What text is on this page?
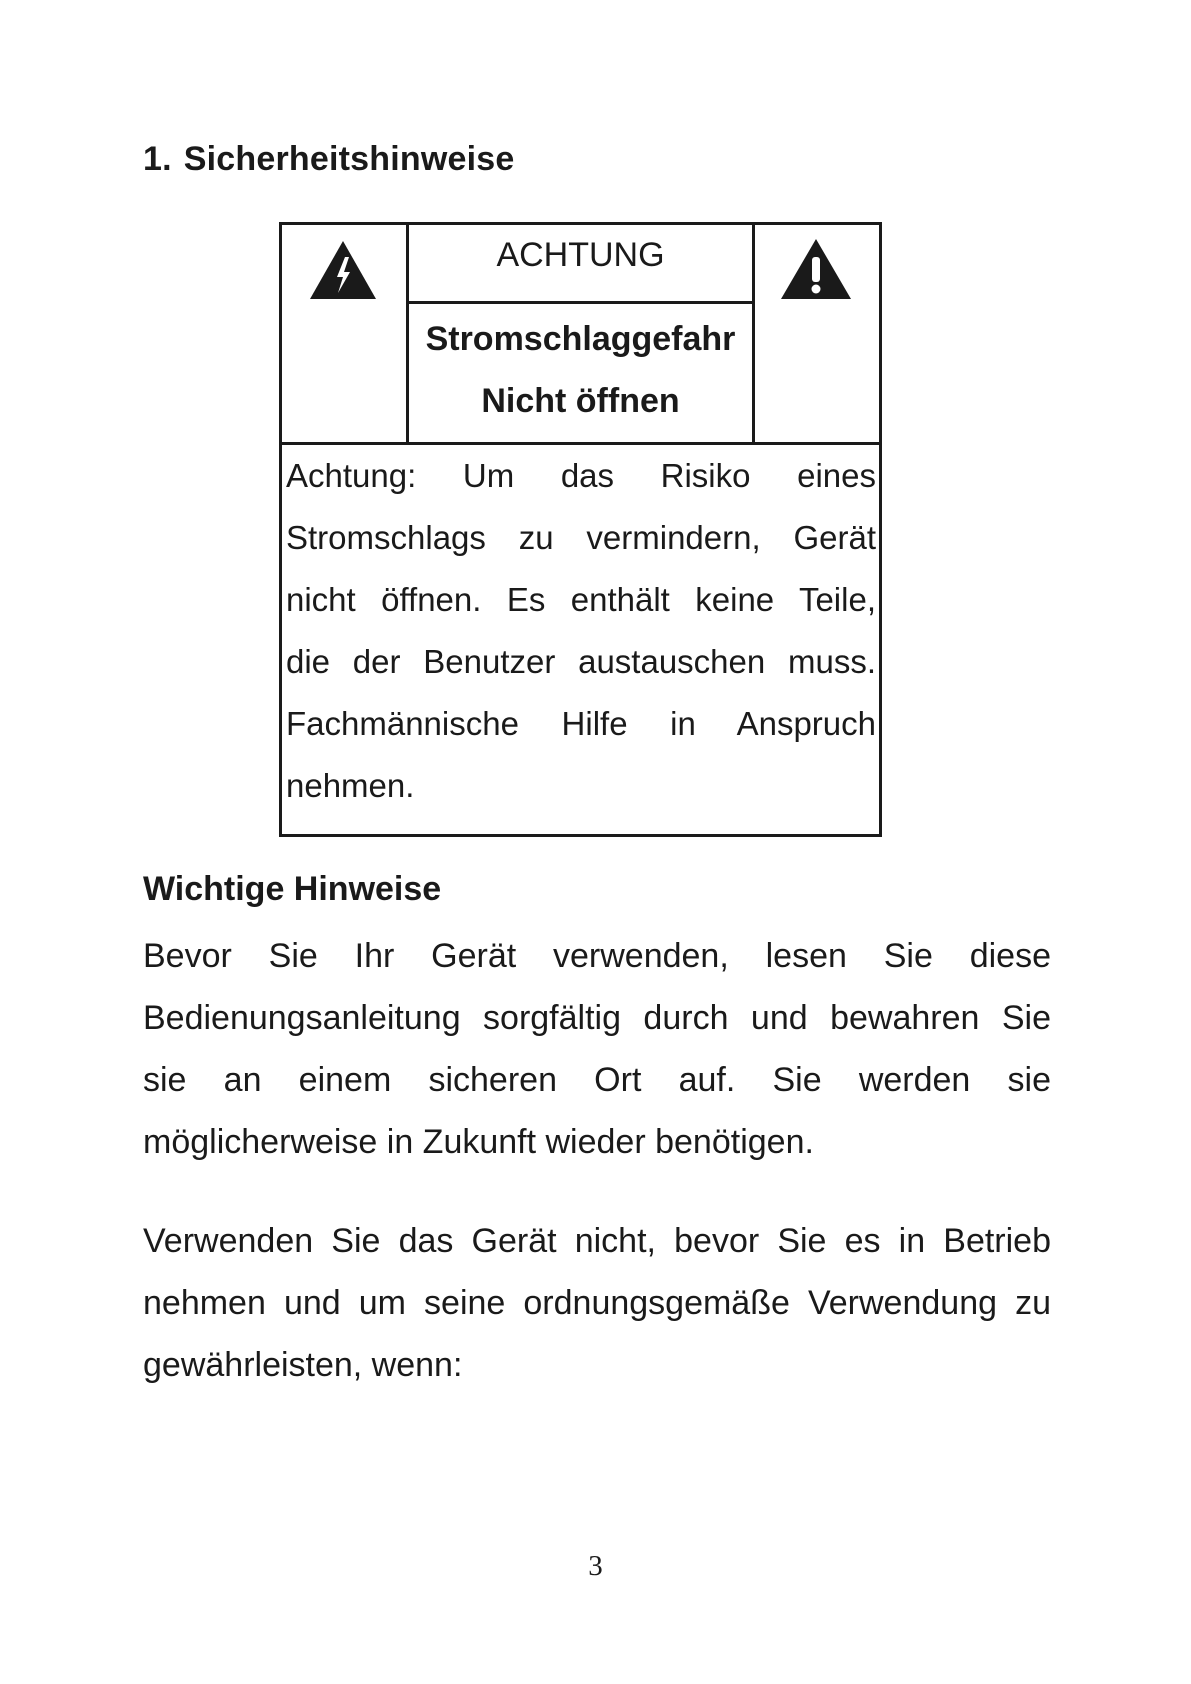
1. Sicherheitshinweise
ACHTUNG
Stromschlaggefahr
Nicht öffnen
Achtung: Um das Risiko eines
Stromschlags zu vermindern, Gerät
nicht öffnen. Es enthält keine Teile,
die der Benutzer austauschen muss.
Fachmännische Hilfe in Anspruch
nehmen.
Wichtige Hinweise
Bevor Sie Ihr Gerät verwenden, lesen Sie diese
Bedienungsanleitung sorgfältig durch und bewahren Sie
sie an einem sicheren Ort auf. Sie werden sie
möglicherweise in Zukunft wieder benötigen.
Verwenden Sie das Gerät nicht, bevor Sie es in Betrieb
nehmen und um seine ordnungsgemäße Verwendung zu
gewährleisten, wenn:
3
